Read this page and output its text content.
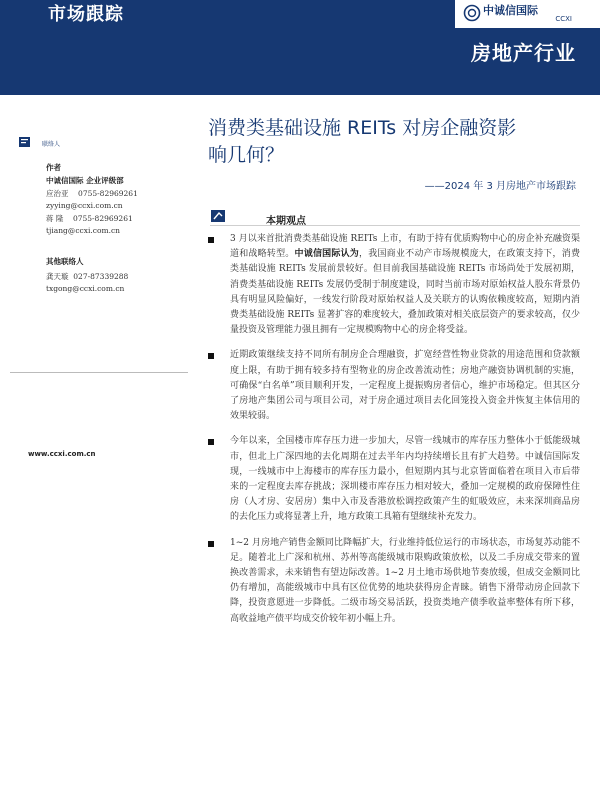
市场跟踪	中诚信国际
CCXI
房地产行业
联络人
作者
中诚信国际 企业评级部
应治亚 0755-82969261
zyying@ccxi.com.cn
蒋 隆 0755-82969261
tjiang@ccxi.com.cn
其他联络人
龚天璇 027-87339288
txgong@ccxi.com.cn
www.ccxi.com.cn
消费类基础设施 REITs 对房企融资影
响几何？
——2024 年 3 月房地产市场跟踪
本期观点
3 月以来首批消费类基础设施 REITs 上市，有助于持有优质购物中心的房企补充融资渠道和战略转型。中诚信国际认为，我国商业不动产市场规模庞大，在政策支持下，消费类基础设施 REITs 发展前景较好。但目前我国基础设施 REITs 市场尚处于发展初期，消费类基础设施 REITs 发展仍受制于制度建设，同时当前市场对原始权益人股东背景仍具有明显风险偏好，一线发行阶段对原始权益人及关联方的认购依赖度较高，短期内消费类基础设施 REITs 显著扩容的难度较大，叠加政策对相关底层资产的要求较高，仅少量投资及管理能力强且拥有一定规模购物中心的房企将受益。
近期政策继续支持不同所有制房企合理融资，扩宽经营性物业贷款的用途范围和贷款额度上限，有助于拥有较多持有型物业的房企改善流动性；房地产融资协调机制的实施，可确保“白名单”项目顺利开发，一定程度上提振购房者信心，维护市场稳定。但其区分了房地产集团公司与项目公司，对于房企通过项目去化回笼投入资金并恢复主体信用的效果较弱。
今年以来，全国楼市库存压力进一步加大，尽管一线城市的库存压力整体小于低能级城市，但北上广深四地的去化周期在过去半年内均持续增长且有扩大趋势。中诚信国际发现，一线城市中上海楼市的库存压力最小，但短期内其与北京皆面临着在项目入市后带来的一定程度去库存挑战；深圳楼市库存压力相对较大，叠加一定规模的政府保障性住房（人才房、安居房）集中入市及香港放松调控政策产生的虹吸效应，未来深圳商品房的去化压力或将显著上升，地方政策工具箱有望继续补充发力。
1~2 月房地产销售金额同比降幅扩大，行业维持低位运行的市场状态，市场复苏动能不足。随着北上广深和杭州、苏州等高能级城市限购政策放松，以及二手房成交带来的置换改善需求，未来销售有望边际改善。1~2 月土地市场供地节奏放缓，但成交金额同比仍有增加，高能级城市中具有区位优势的地块获得房企青睐。销售下滑带动房企回款下降，投资意愿进一步降低。二级市场交易活跃，投资类地产债季收益率整体有所下移，高收益地产债平均成交价较年初小幅上升。
